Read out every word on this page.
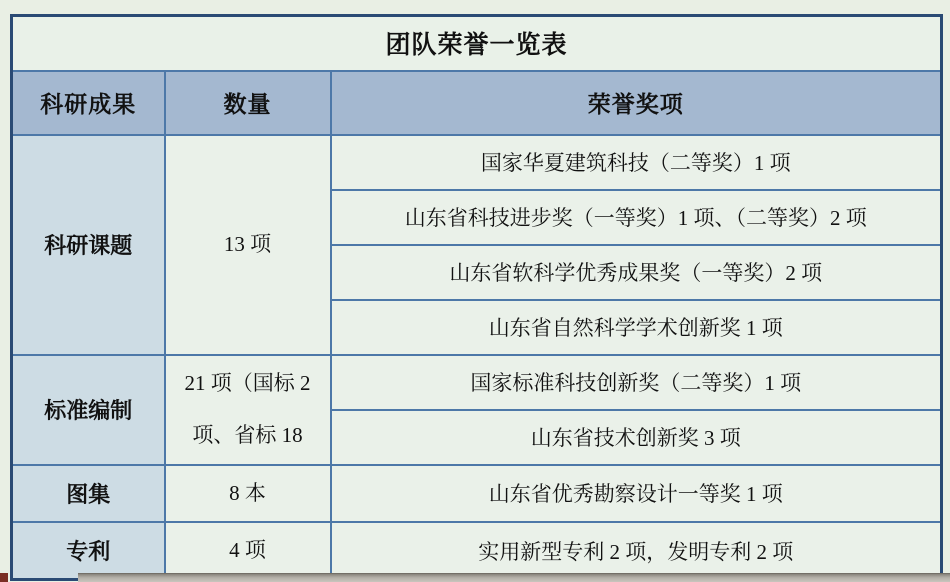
团队荣誉一览表		
科研成果	数量	荣誉奖项
科研课题	13 项	国家华夏建筑科技（二等奖）1 项
		山东省科技进步奖（一等奖）1 项、（二等奖）2 项
		山东省软科学优秀成果奖（一等奖）2 项
		山东省自然科学学术创新奖 1 项
标准编制	21 项（国标 2 项、省标 18	国家标准科技创新奖（二等奖）1 项
		山东省技术创新奖 3 项
图集	8 本	山东省优秀勘察设计一等奖 1 项
专利	4 项	实用新型专利 2 项，发明专利 2 项
